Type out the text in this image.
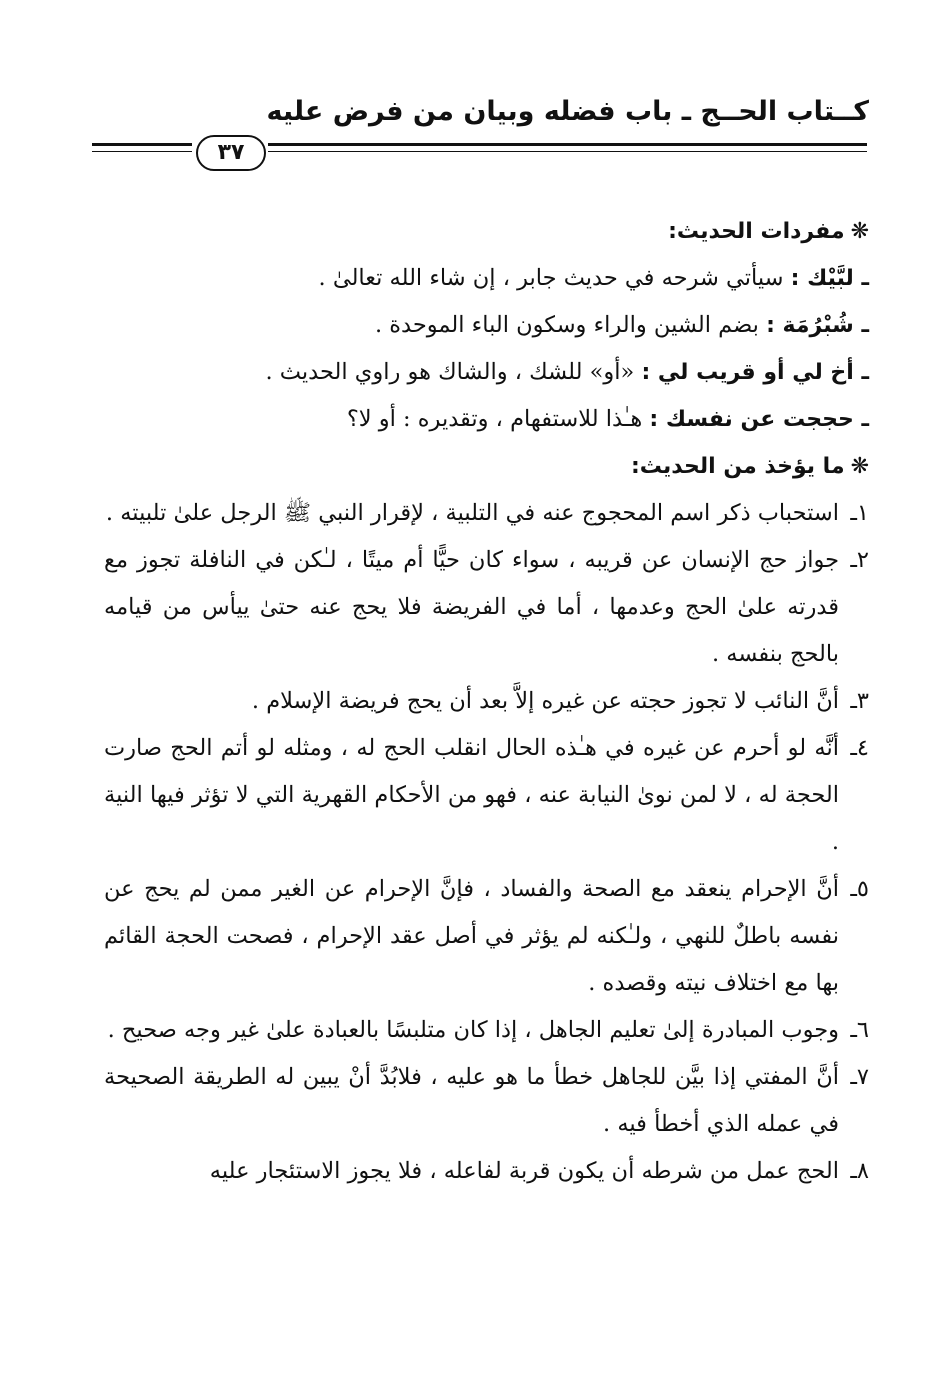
كــتاب الحــج ـ باب فضله وبيان من فرض عليه
٣٧
❋مفردات الحديث:
ـ لبَّيْك : سيأتي شرحه في حديث جابر ، إن شاء الله تعالىٰ .
ـ شُبْرُمَة : بضم الشين والراء وسكون الباء الموحدة .
ـ أخ لي أو قريب لي : «أو» للشك ، والشاك هو راوي الحديث .
ـ حججت عن نفسك : هـٰذا للاستفهام ، وتقديره : أو لا؟
❋ما يؤخذ من الحديث:
١ـاستحباب ذكر اسم المحجوج عنه في التلبية ، لإقرار النبي ﷺ الرجل علىٰ تلبيته .
٢ـجواز حج الإنسان عن قريبه ، سواء كان حيًّا أم ميتًا ، لـٰكن في النافلة تجوز مع قدرته علىٰ الحج وعدمها ، أما في الفريضة فلا يحج عنه حتىٰ ييأس من قيامه بالحج بنفسه .
٣ـأنَّ النائب لا تجوز حجته عن غيره إلاَّ بعد أن يحج فريضة الإسلام .
٤ـأنَّه لو أحرم عن غيره في هـٰذه الحال انقلب الحج له ، ومثله لو أتم الحج صارت الحجة له ، لا لمن نوىٰ النيابة عنه ، فهو من الأحكام القهرية التي لا تؤثر فيها النية .
٥ـأنَّ الإحرام ينعقد مع الصحة والفساد ، فإنَّ الإحرام عن الغير ممن لم يحج عن نفسه باطلٌ للنهي ، ولـٰكنه لم يؤثر في أصل عقد الإحرام ، فصحت الحجة القائم بها مع اختلاف نيته وقصده .
٦ـوجوب المبادرة إلىٰ تعليم الجاهل ، إذا كان متلبسًا بالعبادة علىٰ غير وجه صحيح .
٧ـأنَّ المفتي إذا بيَّن للجاهل خطأ ما هو عليه ، فلابُدَّ أنْ يبين له الطريقة الصحيحة في عمله الذي أخطأ فيه .
٨ـالحج عمل من شرطه أن يكون قربة لفاعله ، فلا يجوز الاستئجار عليه
